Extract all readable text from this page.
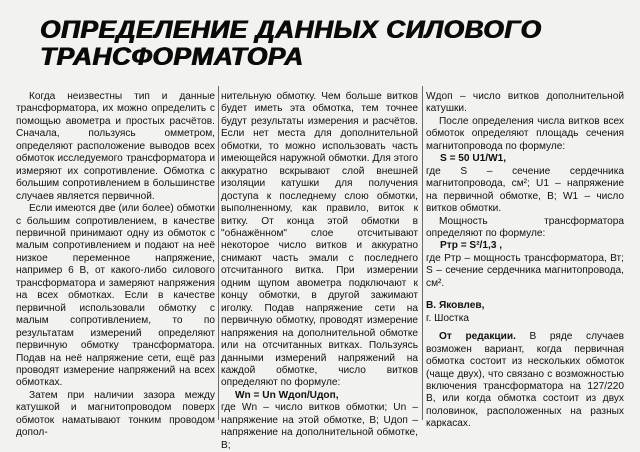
ОПРЕДЕЛЕНИЕ ДАННЫХ СИЛОВОГО
ТРАНСФОРМАТОРА

Когда неизвестны тип и данные трансформатора, их можно определить с помощью авометра и простых расчётов. Сначала, пользуясь омметром, определяют расположение выводов всех обмоток исследуемого трансформатора и измеряют их сопротивление. Обмотка с большим сопротивлением в большинстве случаев является первичной.

Если имеются две (или более) обмотки с большим сопротивлением, в качестве первичной принимают одну из обмоток с малым сопротивлением и подают на неё низкое переменное напряжение, например 6 В, от какого-либо силового трансформатора и замеряют напряжения на всех обмотках. Если в качестве первичной использовали обмотку с малым сопротивлением, то по результатам измерений определяют первичную обмотку трансформатора. Подав на неё напряжение сети, ещё раз проводят измерение напряжений на всех обмотках.

Затем при наличии зазора между катушкой и магнитопроводом поверх обмоток наматывают тонким проводом допол-

нительную обмотку. Чем больше витков будет иметь эта обмотка, тем точнее будут результаты измерения и расчётов. Если нет места для дополнительной обмотки, то можно использовать часть имеющейся наружной обмотки. Для этого аккуратно вскрывают слой внешней изоляции катушки для получения доступа к последнему слою обмотки, выполненному, как правило, виток к витку. От конца этой обмотки в "обнажённом" слое отсчитывают некоторое число витков и аккуратно снимают часть эмали с последнего отсчитанного витка. При измерении одним щупом авометра подключают к концу обмотки, в другой зажимают иголку. Подав напряжение сети на первичную обмотку, проводят измерение напряжения на дополнительной обмотке или на отсчитанных витках. Пользуясь данными измерений напряжений на каждой обмотке, число витков определяют по формуле:

Wn = Un Wдоп/Uдоп,

где Wn – число витков обмотки; Un – напряжение на этой обмотке, В; Uдоп – напряжение на дополнительной обмотке, В;

Wдоп – число витков дополнительной катушки.

После определения числа витков всех обмоток определяют площадь сечения магнитопровода по формуле:

S = 50 U1/W1,

где S – сечение сердечника магнитопровода, см²; U1 – напряжение на первичной обмотке, В; W1 – число витков обмотки.

Мощность трансформатора определяют по формуле:

Ртр = S²/1,3 ,

где Ртр – мощность трансформатора, Вт; S – сечение сердечника магнитопровода, см².

В. Яковлев,

г. Шостка

От редакции. В ряде случаев возможен вариант, когда первичная обмотка состоит из нескольких обмоток (чаще двух), что связано с возможностью включения трансформатора на 127/220 В, или когда обмотка состоит из двух половинок, расположенных на разных каркасах.
